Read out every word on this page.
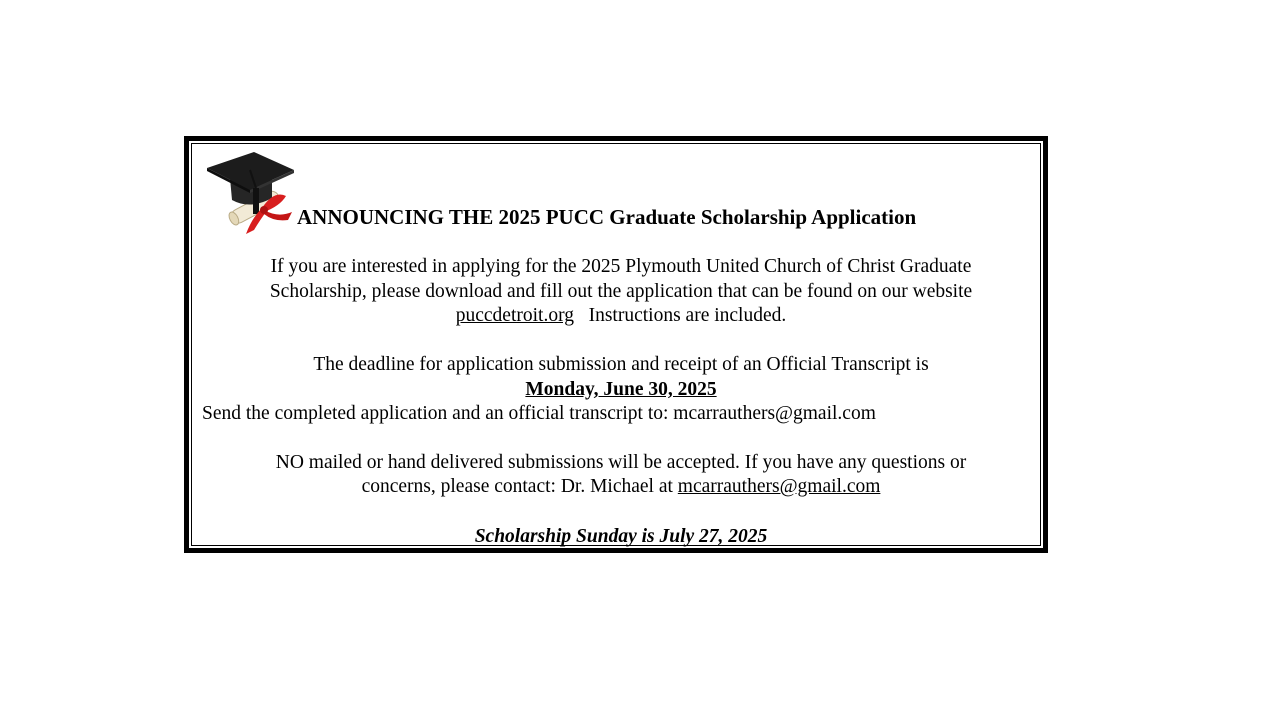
ANNOUNCING THE 2025 PUCC Graduate Scholarship Application
If you are interested in applying for the 2025 Plymouth United Church of Christ Graduate
Scholarship, please download and fill out the application that can be found on our website
puccdetroit.org Instructions are included.
The deadline for application submission and receipt of an Official Transcript is
Monday, June 30, 2025
Send the completed application and an official transcript to: mcarrauthers@gmail.com
NO mailed or hand delivered submissions will be accepted. If you have any questions or
concerns, please contact: Dr. Michael at mcarrauthers@gmail.com
Scholarship Sunday is July 27, 2025
